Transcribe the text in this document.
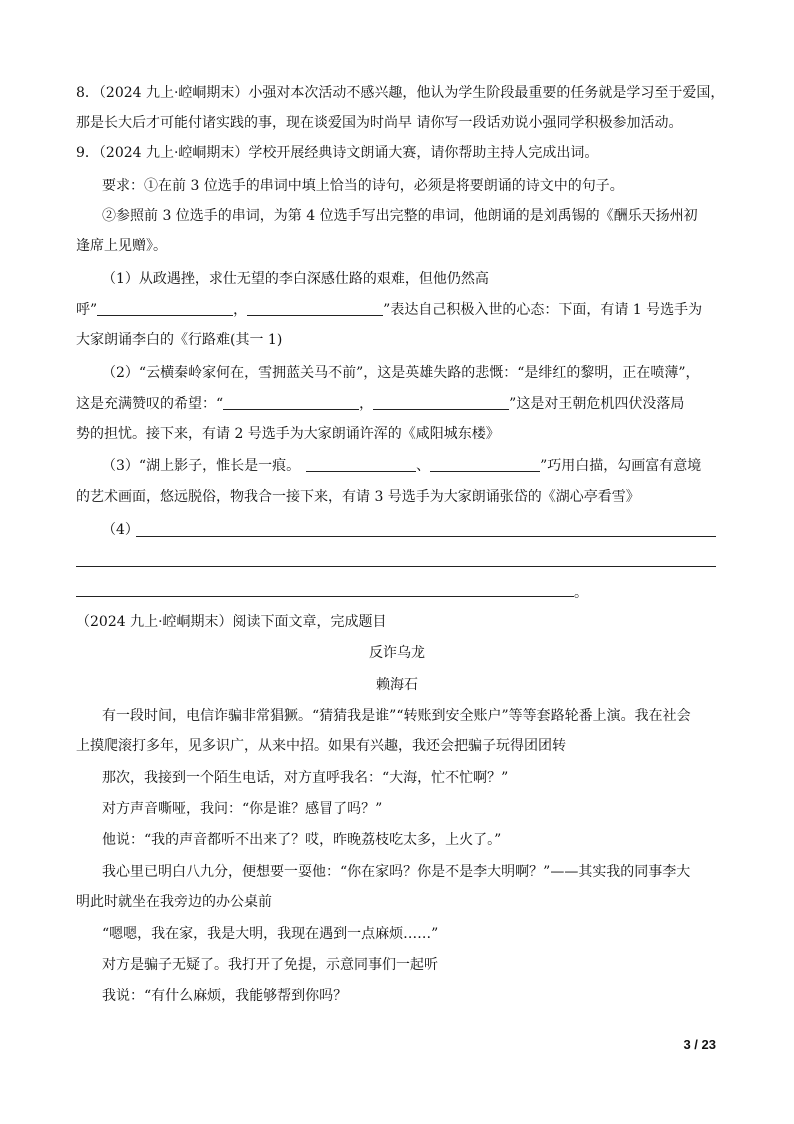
8．（2024 九上·崆峒期末）小强对本次活动不感兴趣，他认为学生阶段最重要的任务就是学习至于爱国，
那是长大后才可能付诸实践的事，现在谈爱国为时尚早 请你写一段话劝说小强同学积极参加活动。
9．（2024 九上·崆峒期末）学校开展经典诗文朗诵大赛，请你帮助主持人完成出词。
要求：①在前 3 位选手的串词中填上恰当的诗句，必须是将要朗诵的诗文中的句子。
②参照前 3 位选手的串词，为第 4 位选手写出完整的串词，他朗诵的是刘禹锡的《酬乐天扬州初
逢席上见赠》。
（1）从政遇挫，求仕无望的李白深感仕路的艰难，但他仍然高
呼”	，	”表达自己积极入世的心态：下面，有请 1 号选手为
大家朗诵李白的《行路难(其一 1)
（2）“云横秦岭家何在，雪拥蓝关马不前”，这是英雄失路的悲慨：“是绯红的黎明，正在喷薄”，
这是充满赞叹的希望：“	，	”这是对王朝危机四伏没落局
势的担忧。接下来，有请 2 号选手为大家朗诵许浑的《咸阳城东楼》
（3）“湖上影子，惟长是一痕。	、	”巧用白描，勾画富有意境
的艺术画面，悠远脱俗，物我合一接下来，有请 3 号选手为大家朗诵张岱的《湖心亭看雪》
（4）
。
（2024 九上·崆峒期末）阅读下面文章，完成题目
反诈乌龙
赖海石
有一段时间，电信诈骗非常猖獗。“猜猜我是谁”“转账到安全账户”等等套路轮番上演。我在社会
上摸爬滚打多年，见多识广，从来中招。如果有兴趣，我还会把骗子玩得团团转
那次，我接到一个陌生电话，对方直呼我名：“大海，忙不忙啊？”
对方声音嘶哑，我问：“你是谁？感冒了吗？”
他说：“我的声音都听不出来了？哎，昨晚荔枝吃太多，上火了。”
我心里已明白八九分，便想要一耍他：“你在家吗？你是不是李大明啊？”——其实我的同事李大
明此时就坐在我旁边的办公桌前
“嗯嗯，我在家，我是大明，我现在遇到一点麻烦……”
对方是骗子无疑了。我打开了免提，示意同事们一起听
我说：“有什么麻烦，我能够帮到你吗？
3 / 23
